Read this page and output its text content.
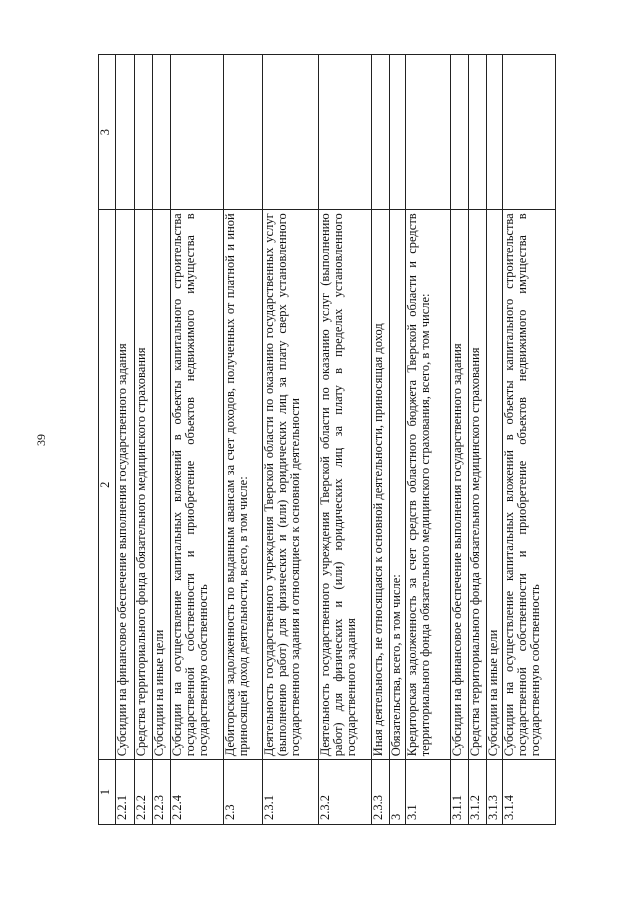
39
1	2	3
2.2.1	Субсидии на финансовое обеспечение выполнения государственного задания	
2.2.2	Средства территориального фонда обязательного медицинского страхования	
2.2.3	Субсидии на иные цели	
2.2.4	Субсидии на осуществление капитальных вложений в объекты капитального строительства государственной собственности и приобретение объектов недвижимого имущества в государственную собственность	
2.3	Дебиторская задолженность по выданным авансам за счет доходов, полученных от платной и иной приносящей доход деятельности, всего, в том числе:	
2.3.1	Деятельность государственного учреждения Тверской области по оказанию государственных услуг (выполнению работ) для физических и (или) юридических лиц за плату сверх установленного государственного задания и относящиеся к основной деятельности	
2.3.2	Деятельность государственного учреждения Тверской области по оказанию услуг (выполнению работ) для физических и (или) юридических лиц за плату в пределах установленного государственного задания	
2.3.3	Иная деятельность, не относящаяся к основной деятельности, приносящая доход	
3	Обязательства, всего, в том числе:	
3.1	Кредиторская задолженность за счет средств областного бюджета Тверской области и средств территориального фонда обязательного медицинского страхования, всего, в том числе:	
3.1.1	Субсидии на финансовое обеспечение выполнения государственного задания	
3.1.2	Средства территориального фонда обязательного медицинского страхования	
3.1.3	Субсидии на иные цели	
3.1.4	Субсидии на осуществление капитальных вложений в объекты капитального строительства государственной собственности и приобретение объектов недвижимого имущества в государственную собственность	
